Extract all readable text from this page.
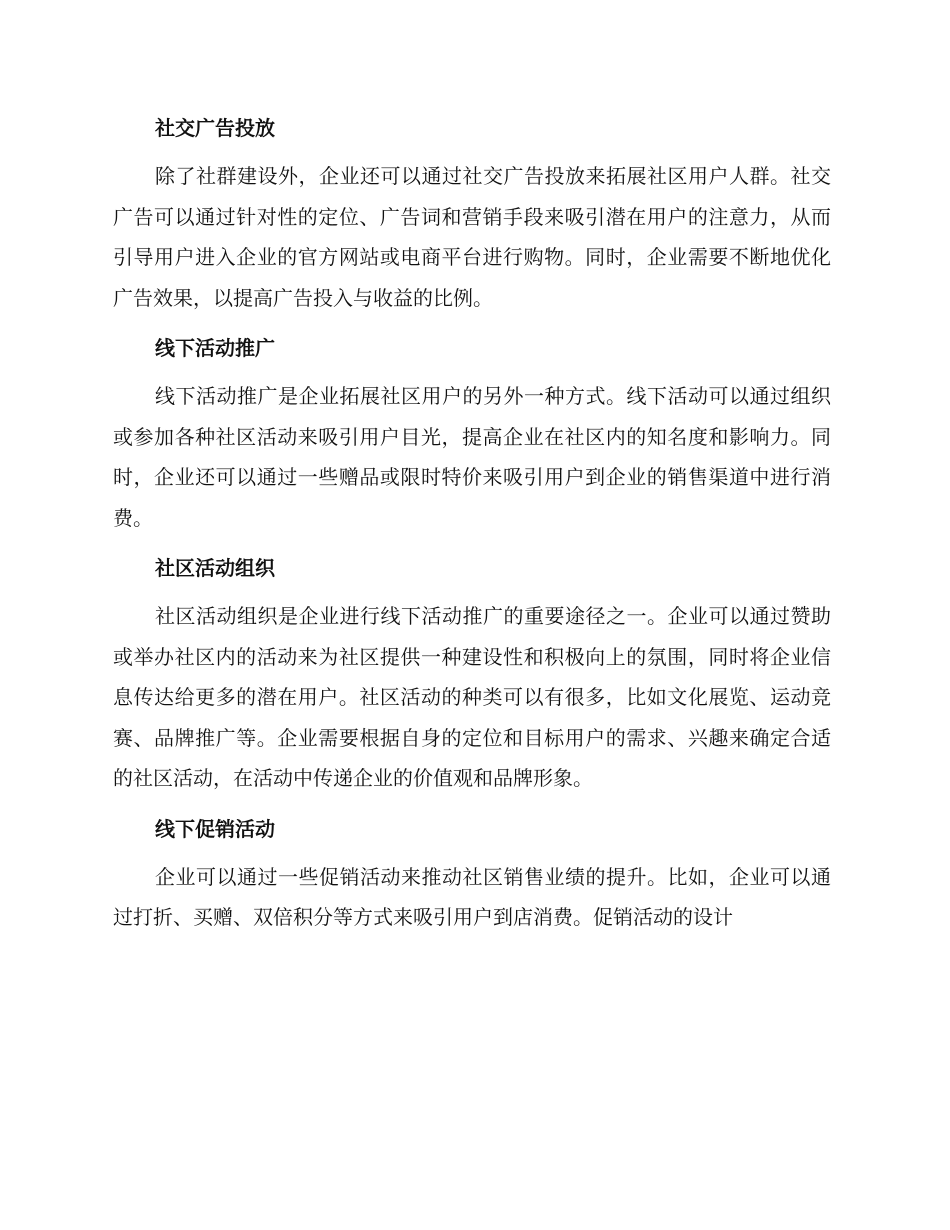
社交广告投放

除了社群建设外，企业还可以通过社交广告投放来拓展社区用户人群。社交广告可以通过针对性的定位、广告词和营销手段来吸引潜在用户的注意力，从而引导用户进入企业的官方网站或电商平台进行购物。同时，企业需要不断地优化广告效果，以提高广告投入与收益的比例。

线下活动推广

线下活动推广是企业拓展社区用户的另外一种方式。线下活动可以通过组织或参加各种社区活动来吸引用户目光，提高企业在社区内的知名度和影响力。同时，企业还可以通过一些赠品或限时特价来吸引用户到企业的销售渠道中进行消费。

社区活动组织

社区活动组织是企业进行线下活动推广的重要途径之一。企业可以通过赞助或举办社区内的活动来为社区提供一种建设性和积极向上的氛围，同时将企业信息传达给更多的潜在用户。社区活动的种类可以有很多，比如文化展览、运动竞赛、品牌推广等。企业需要根据自身的定位和目标用户的需求、兴趣来确定合适的社区活动，在活动中传递企业的价值观和品牌形象。

线下促销活动

企业可以通过一些促销活动来推动社区销售业绩的提升。比如，企业可以通过打折、买赠、双倍积分等方式来吸引用户到店消费。促销活动的设计
